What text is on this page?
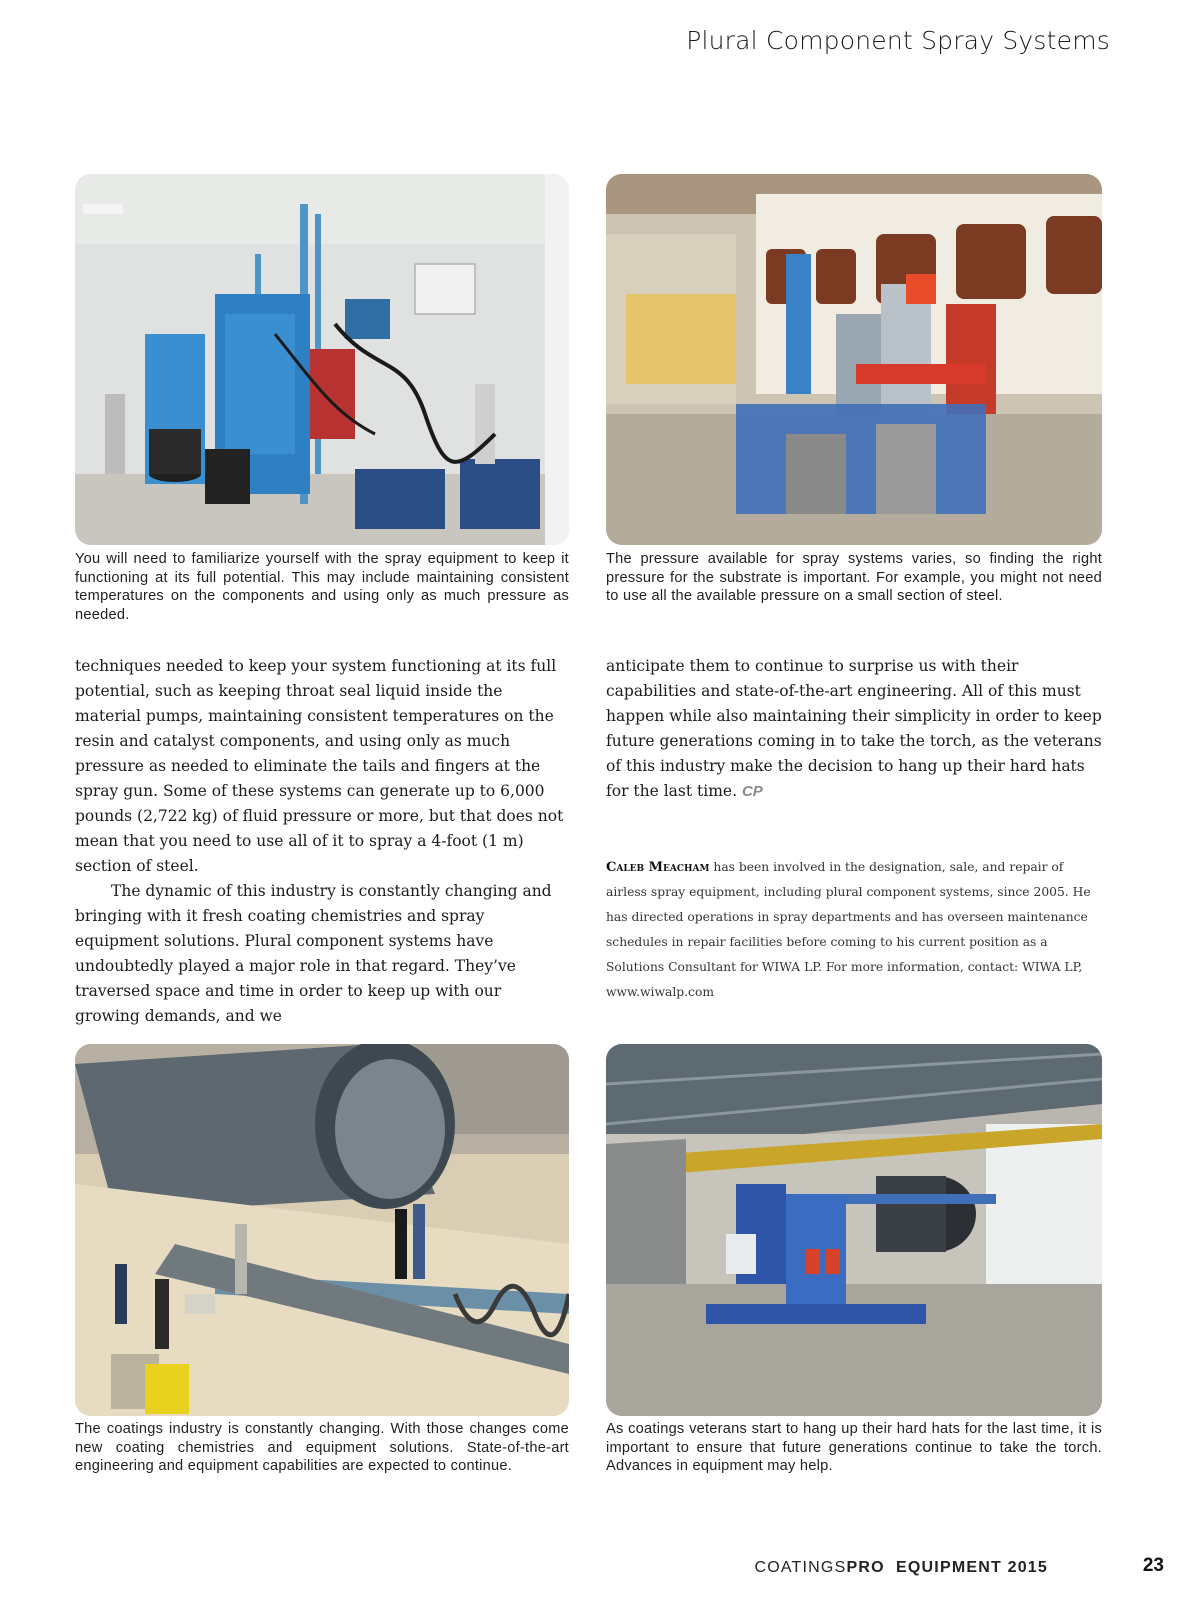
Plural Component Spray Systems
You will need to familiarize yourself with the spray equipment to keep it functioning at its full potential. This may include maintaining consistent temperatures on the components and using only as much pressure as needed.
The pressure available for spray systems varies, so finding the right pressure for the substrate is important. For example, you might not need to use all the available pressure on a small section of steel.

techniques needed to keep your system functioning at its full potential, such as keeping throat seal liquid inside the material pumps, maintaining consistent temperatures on the resin and catalyst components, and using only as much pressure as needed to eliminate the tails and fingers at the spray gun. Some of these systems can generate up to 6,000 pounds (2,722 kg) of fluid pressure or more, but that does not mean that you need to use all of it to spray a 4-foot (1 m) section of steel.

The dynamic of this industry is constantly changing and bringing with it fresh coating chemistries and spray equipment solutions. Plural component systems have undoubtedly played a major role in that regard. They’ve traversed space and time in order to keep up with our growing demands, and we

anticipate them to continue to surprise us with their capabilities and state-of-the-art engineering. All of this must happen while also maintaining their simplicity in order to keep future generations coming in to take the torch, as the veterans of this industry make the decision to hang up their hard hats for the last time. CP

Caleb Meacham has been involved in the designation, sale, and repair of airless spray equipment, including plural component systems, since 2005. He has directed operations in spray departments and has overseen maintenance schedules in repair facilities before coming to his current position as a Solutions Consultant for WIWA LP. For more information, contact: WIWA LP, www.wiwalp.com
The coatings industry is constantly changing. With those changes come new coating chemistries and equipment solutions. State-of-the-art engineering and equipment capabilities are expected to continue.
As coatings veterans start to hang up their hard hats for the last time, it is important to ensure that future generations continue to take the torch. Advances in equipment may help.
COATINGSPRO EQUIPMENT 2015	23
